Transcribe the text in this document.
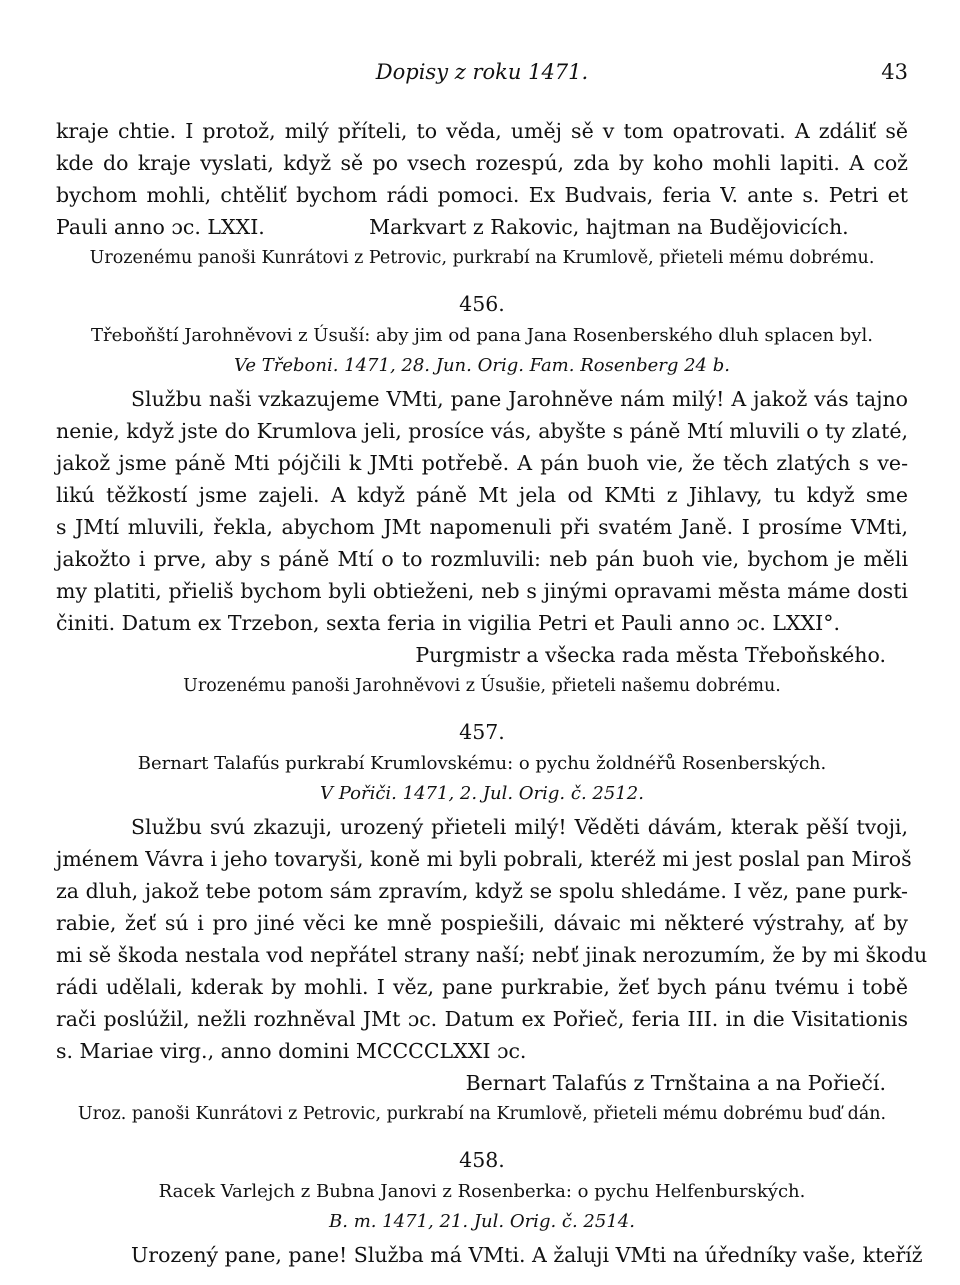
Dopisy z roku 1471.	43
kraje chtie. I protož, milý příteli, to věda, uměj sě v tom opatrovati. A zdáliť sě
kde do kraje vyslati, když sě po vsech rozespú, zda by koho mohli lapiti. A což
bychom mohli, chtěliť bychom rádi pomoci. Ex Budvais, feria V. ante s. Petri et
Pauli anno ɔc. LXXI.                Markvart z Rakovic, hajtman na Budějovicích.
Urozenému panoši Kunrátovi z Petrovic, purkrabí na Krumlově, přieteli mému dobrému.
456.
Třeboňští Jarohněvovi z Úsuší: aby jim od pana Jana Rosenberského dluh splacen byl.
Ve Třeboni. 1471, 28. Jun. Orig. Fam. Rosenberg 24 b.
Službu naši vzkazujeme VMti, pane Jarohněve nám milý! A jakož vás tajno
nenie, když jste do Krumlova jeli, prosíce vás, abyšte s páně Mtí mluvili o ty zlaté,
jakož jsme páně Mti pójčili k JMti potřebě. A pán buoh vie, že těch zlatých s ve-
likú těžkostí jsme zajeli. A když páně Mt jela od KMti z Jihlavy, tu když sme
s JMtí mluvili, řekla, abychom JMt napomenuli při svatém Janě. I prosíme VMti,
jakožto i prve, aby s páně Mtí o to rozmluvili: neb pán buoh vie, bychom je měli
my platiti, přieliš bychom byli obtieženi, neb s jinými opravami města máme dosti
činiti. Datum ex Trzebon, sexta feria in vigilia Petri et Pauli anno ɔc. LXXI°.
Purgmistr a všecka rada města Třeboňského.
Urozenému panoši Jarohněvovi z Úsušie, přieteli našemu dobrému.
457.
Bernart Talafús purkrabí Krumlovskému: o pychu žoldnéřů Rosenberských.
V Pořiči. 1471, 2. Jul. Orig. č. 2512.
Službu svú zkazuji, urozený přieteli milý! Věděti dávám, kterak pěší tvoji,
jménem Vávra i jeho tovaryši, koně mi byli pobrali, kteréž mi jest poslal pan Miroš
za dluh, jakož tebe potom sám zpravím, když se spolu shledáme. I věz, pane purk-
rabie, žeť sú i pro jiné věci ke mně pospiešili, dávaic mi některé výstrahy, ať by
mi sě škoda nestala vod nepřátel strany naší; nebť jinak nerozumím, že by mi škodu
rádi udělali, kderak by mohli. I věz, pane purkrabie, žeť bych pánu tvému i tobě
rači poslúžil, nežli rozhněval JMt ɔc. Datum ex Pořieč, feria III. in die Visitationis
s. Mariae virg., anno domini MCCCCLXXI ɔc.
Bernart Talafús z Trnštaina a na Pořiečí.
Uroz. panoši Kunrátovi z Petrovic, purkrabí na Krumlově, přieteli mému dobrému buď dán.
458.
Racek Varlejch z Bubna Janovi z Rosenberka: o pychu Helfenburských.
B. m. 1471, 21. Jul. Orig. č. 2514.
Urozený pane, pane! Služba má VMti. A žaluji VMti na úředníky vaše, kteříž
